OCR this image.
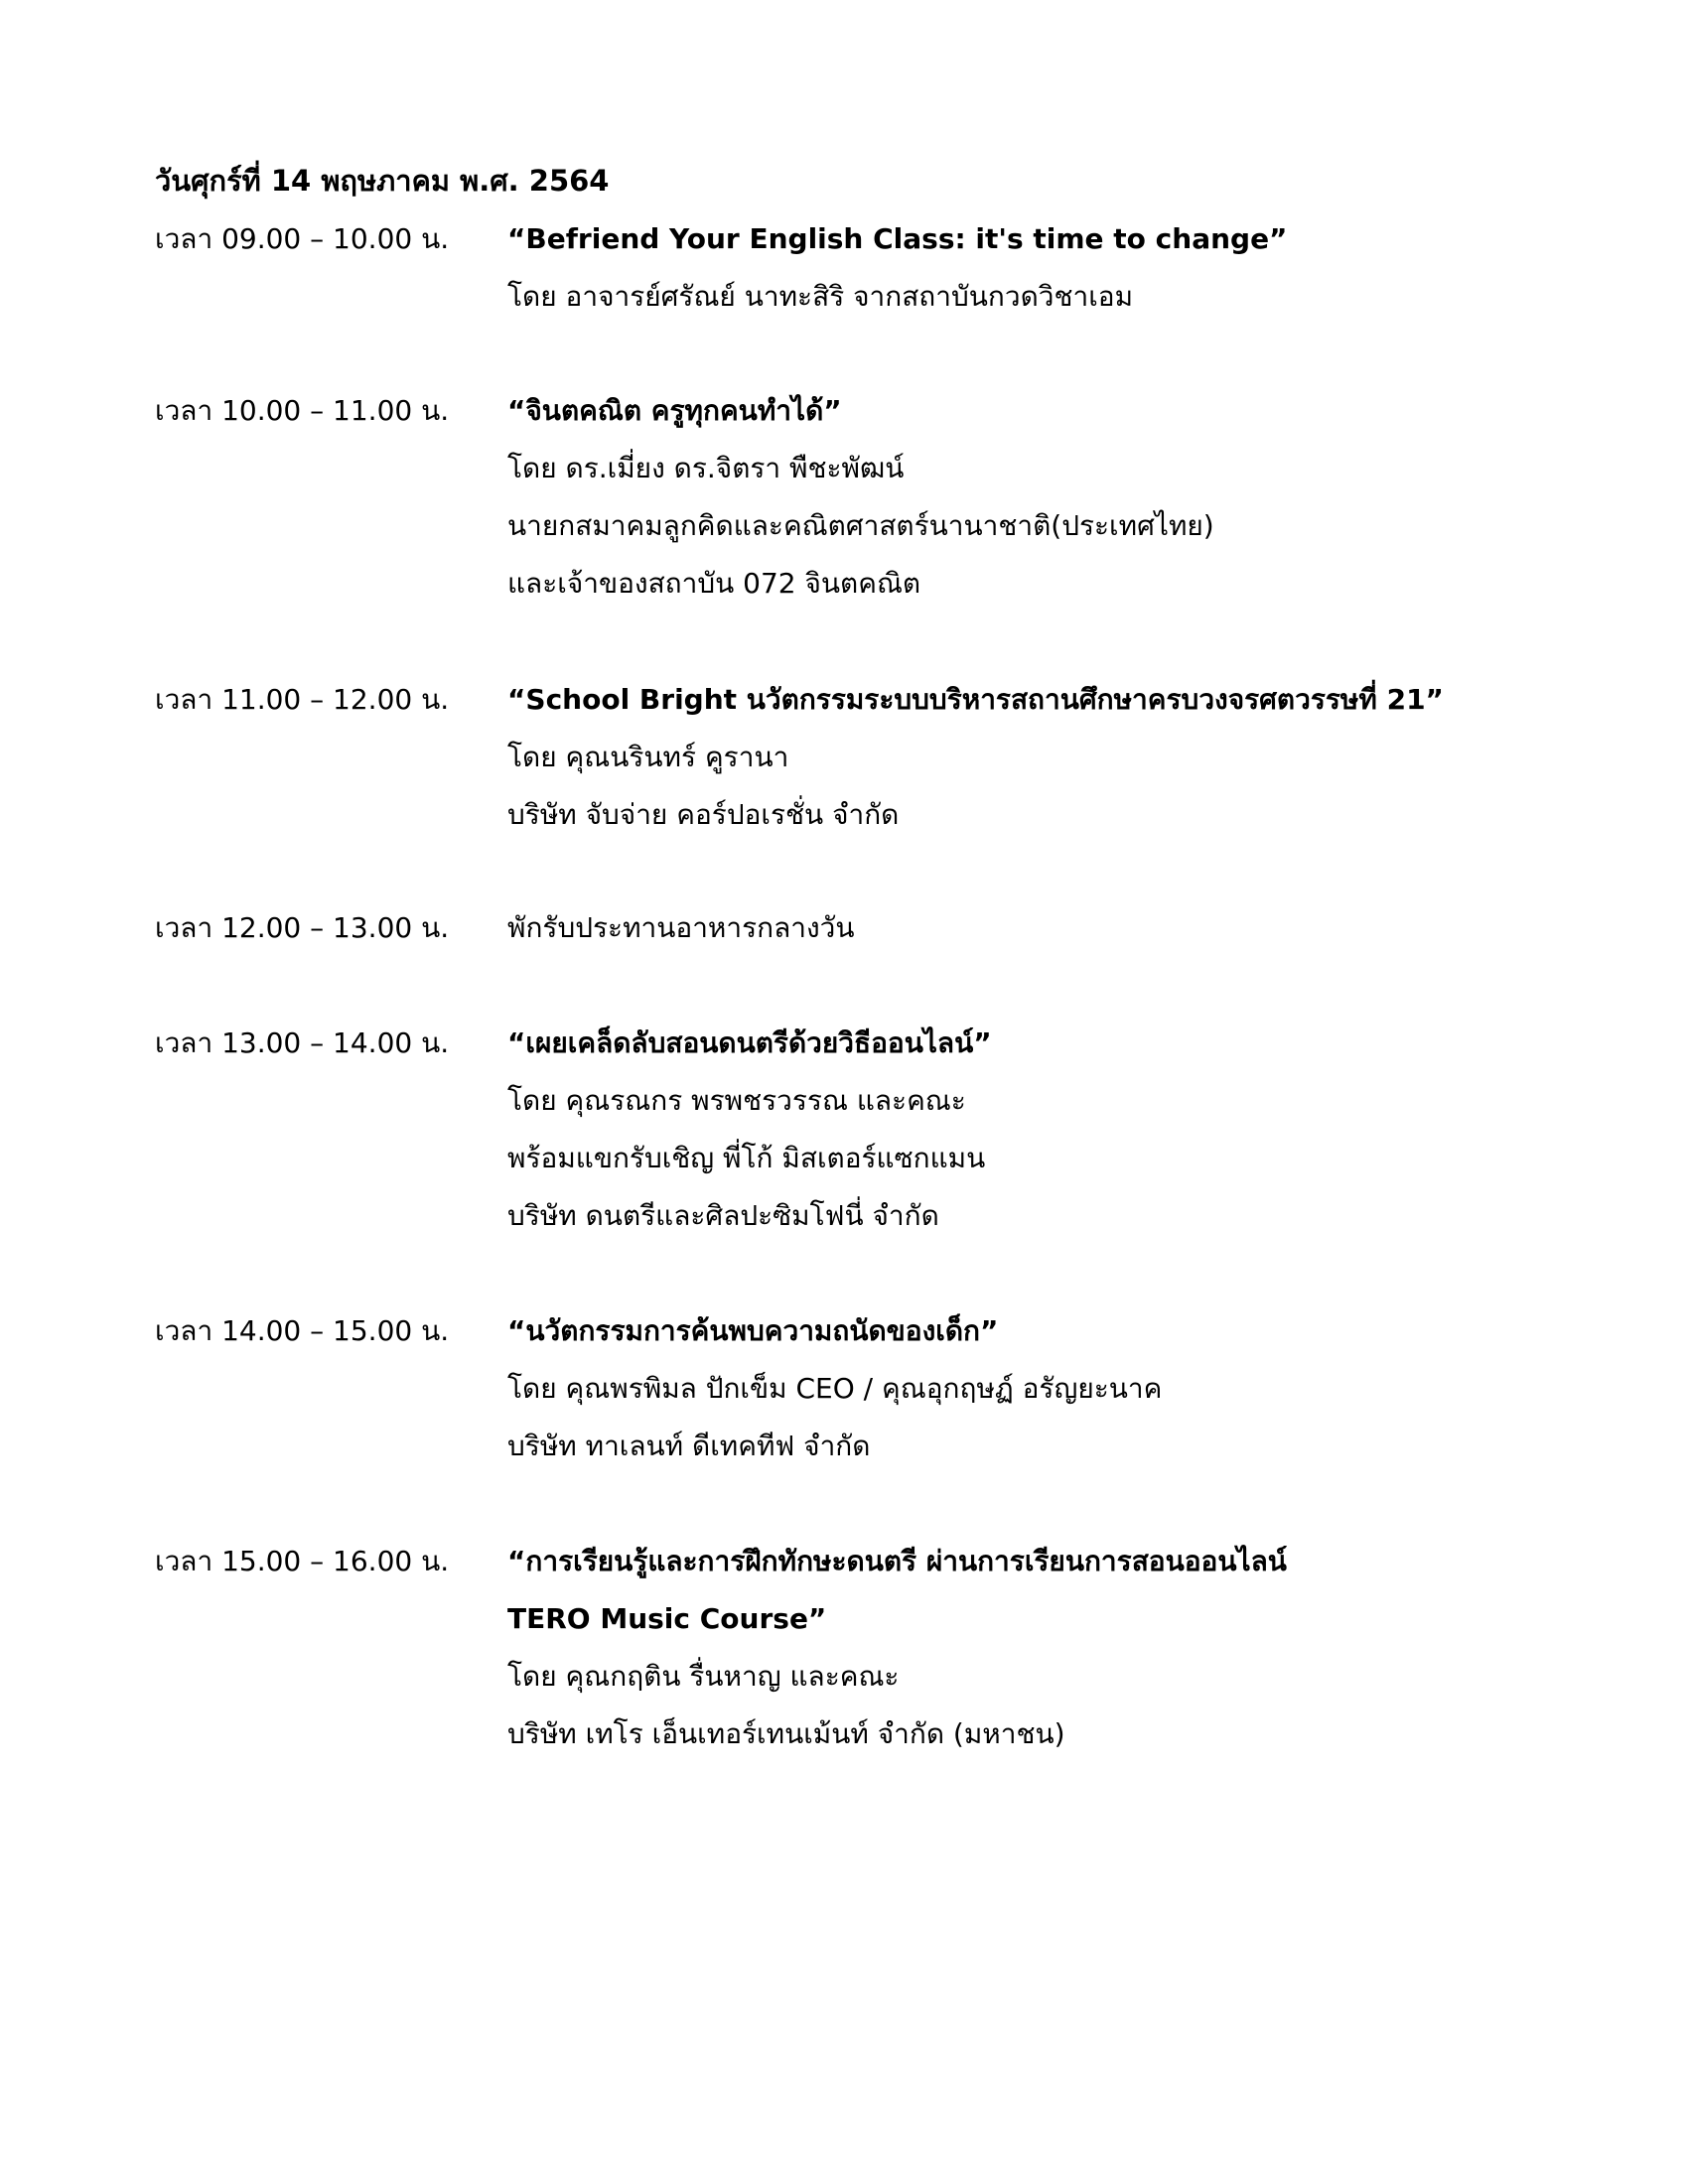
วันศุกร์ที่ 14 พฤษภาคม พ.ศ. 2564
เวลา 09.00 – 10.00 น. “Befriend Your English Class: it's time to change”
โดย อาจารย์ศรัณย์ นาทะสิริ จากสถาบันกวดวิชาเอม
เวลา 10.00 – 11.00 น. “จินตคณิต ครูทุกคนทำได้”
โดย ดร.เมี่ยง ดร.จิตรา พืชะพัฒน์
นายกสมาคมลูกคิดและคณิตศาสตร์นานาชาติ(ประเทศไทย)
และเจ้าของสถาบัน 072 จินตคณิต
เวลา 11.00 – 12.00 น. “School Bright นวัตกรรมระบบบริหารสถานศึกษาครบวงจรศตวรรษที่ 21”
โดย คุณนรินทร์ คูรานา
บริษัท จับจ่าย คอร์ปอเรชั่น จำกัด
เวลา 12.00 – 13.00 น. พักรับประทานอาหารกลางวัน
เวลา 13.00 – 14.00 น. “เผยเคล็ดลับสอนดนตรีด้วยวิธีออนไลน์”
โดย คุณรณกร พรพชรวรรณ และคณะ
พร้อมแขกรับเชิญ พี่โก้ มิสเตอร์แซกแมน
บริษัท ดนตรีและศิลปะซิมโฟนี่ จำกัด
เวลา 14.00 – 15.00 น. “นวัตกรรมการค้นพบความถนัดของเด็ก”
โดย คุณพรพิมล ปักเข็ม CEO / คุณอุกฤษฏ์ อรัญยะนาค
บริษัท ทาเลนท์ ดีเทคทีฟ จำกัด
เวลา 15.00 – 16.00 น. “การเรียนรู้และการฝึกทักษะดนตรี ผ่านการเรียนการสอนออนไลน์
TERO Music Course”
โดย คุณกฤติน รื่นหาญ และคณะ
บริษัท เทโร เอ็นเทอร์เทนเม้นท์ จำกัด (มหาชน)
